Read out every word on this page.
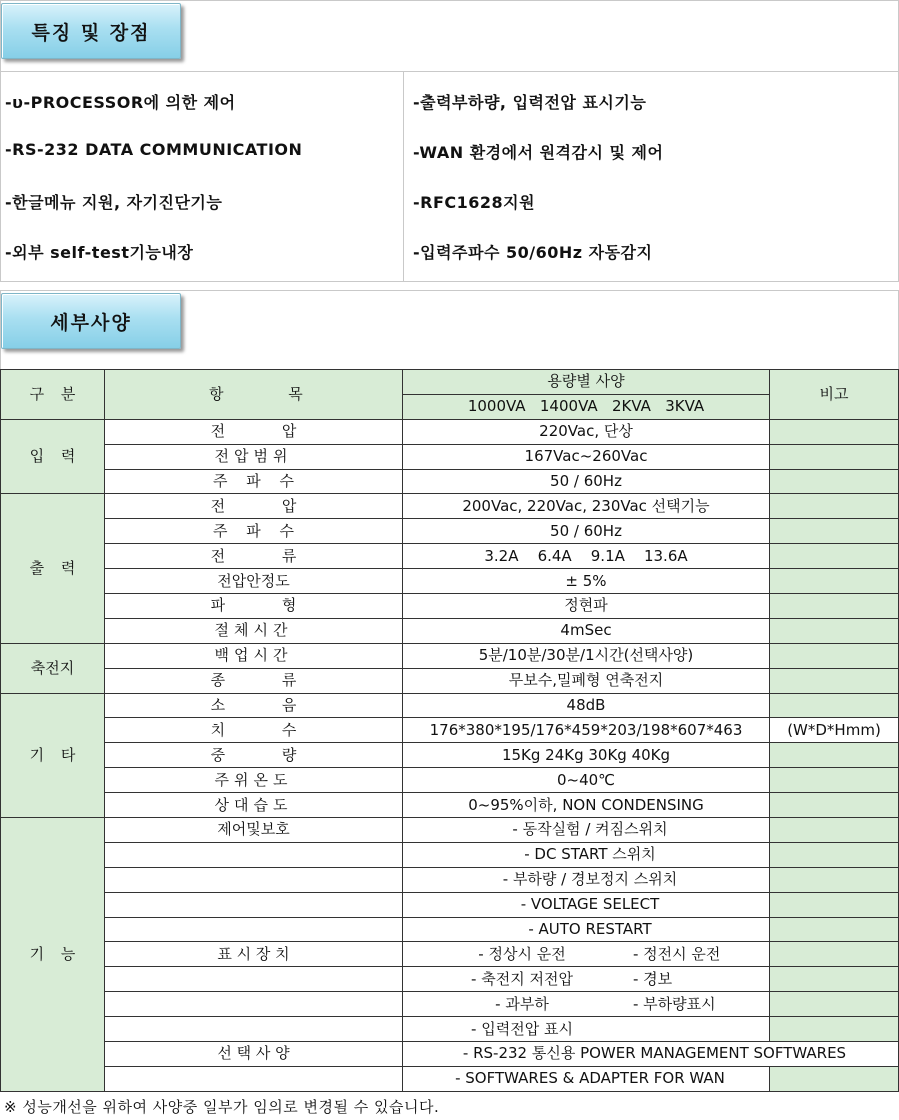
특징 및 장점
-υ-PROCESSOR에 의한 제어
-RS-232 DATA COMMUNICATION
-한글메뉴 지원, 자기진단기능
-외부 self-test기능내장
-출력부하량, 입력전압 표시기능
-WAN 환경에서 원격감시 및 제어
-RFC1628지원
-입력주파수 50/60Hz 자동감지
세부사양
구 분	항 목	용량별 사양	비고
		1000VA 1400VA 2KVA 3KVA	
입 력	전 압	220Vac, 단상	
	전압범위	167Vac~260Vac	
	주 파 수	50 / 60Hz	
출 력	전 압	200Vac, 220Vac, 230Vac 선택기능	
	주 파 수	50 / 60Hz	
	전 류	3.2A 6.4A 9.1A 13.6A	
	전압안정도	± 5%	
	파 형	정현파	
	절체시간	4mSec	
축전지	백업시간	5분/10분/30분/1시간(선택사양)	
	종 류	무보수,밀폐형 연축전지	
기 타	소 음	48dB	
	치 수	176*380*195/176*459*203/198*607*463	(W*D*Hmm)
	중 량	15Kg 24Kg 30Kg 40Kg	
	주위온도	0~40℃	
	상대습도	0~95%이하, NON CONDENSING	
기 능	제어및보호	- 동작실험 / 켜짐스위치	
		- DC START 스위치	
		- 부하량 / 경보정지 스위치	
		- VOLTAGE SELECT	
		- AUTO RESTART	
	표 시 장 치	- 정상시 운전 - 정전시 운전	

		- 축전지 저전압 - 경보	

		- 과부하 - 부하량표시	

		- 입력전압 표시	

	선 택 사 양	- RS-232 통신용 POWER MANAGEMENT SOFTWARES	
		- SOFTWARES & ADAPTER FOR WAN	
※ 성능개선을 위하여 사양중 일부가 임의로 변경될 수 있습니다.
